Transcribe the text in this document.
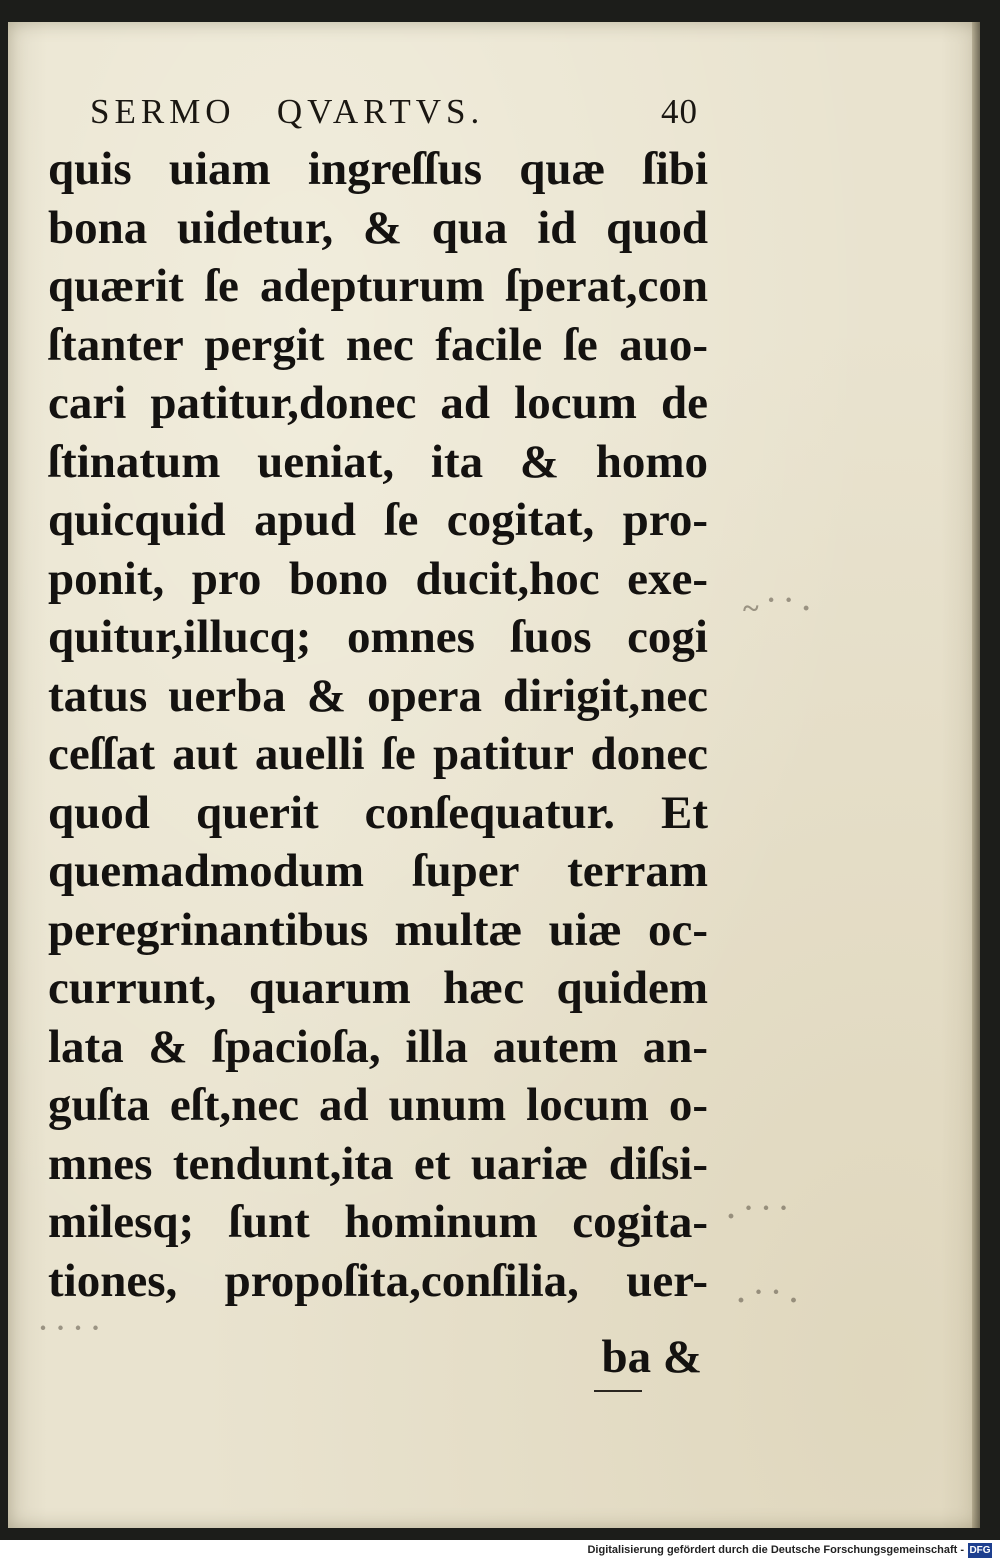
SERMO   QVARTVS.	40
quis uiam ingreſſus quæ ſibi
bona uidetur, & qua id quod
quærit ſe adepturum ſperat,con
ſtanter pergit nec facile ſe auo-
cari patitur,donec ad locum de
ſtinatum ueniat, ita & homo
quicquid apud ſe cogitat, pro-
ponit, pro bono ducit,hoc exe-
quitur,illucq; omnes ſuos cogi
tatus uerba & opera dirigit,nec
ceſſat aut auelli ſe patitur donec
quod querit conſequatur. Et
quemadmodum ſuper terram
peregrinantibus multæ uiæ oc-
currunt, quarum hæc quidem
lata & ſpacioſa, illa autem an-
guſta eſt,nec ad unum locum o-
mnes tendunt,ita et uariæ diſsi-
milesq; ſunt hominum cogita-
tiones, propoſita,conſilia, uer-
ba &
~ ˙ ˙ ·
· ˙ ˙ ˙
· ˙ ˙ ·
˙ ˙ ˙ ˙
Digitalisierung gefördert durch die Deutsche Forschungsgemeinschaft - DFG
